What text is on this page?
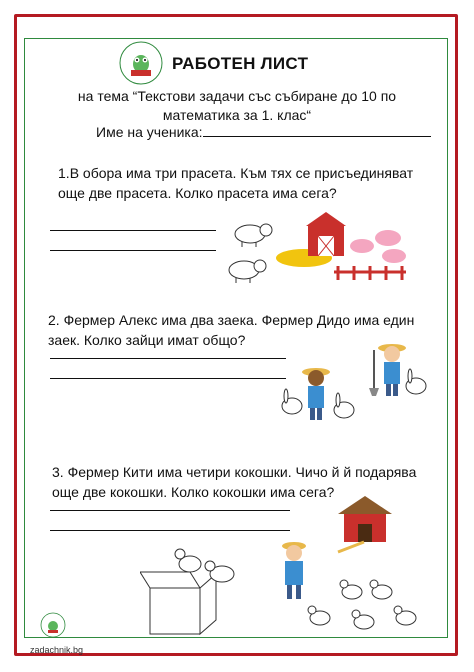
РАБОТЕН ЛИСТ
на тема “Текстови задачи със събиране до 10 по математика за 1. клас“
Име на ученика:
1.В обора има три прасета. Към тях се присъединяват още две прасета. Колко прасета има сега?
2. Фермер Алекс има два заека. Фермер Дидо има един заек. Колко зайци имат общо?
3. Фермер Кити има четири кокошки. Чичо й й подарява още две кокошки. Колко кокошки има сега?
zadachnik.bg
